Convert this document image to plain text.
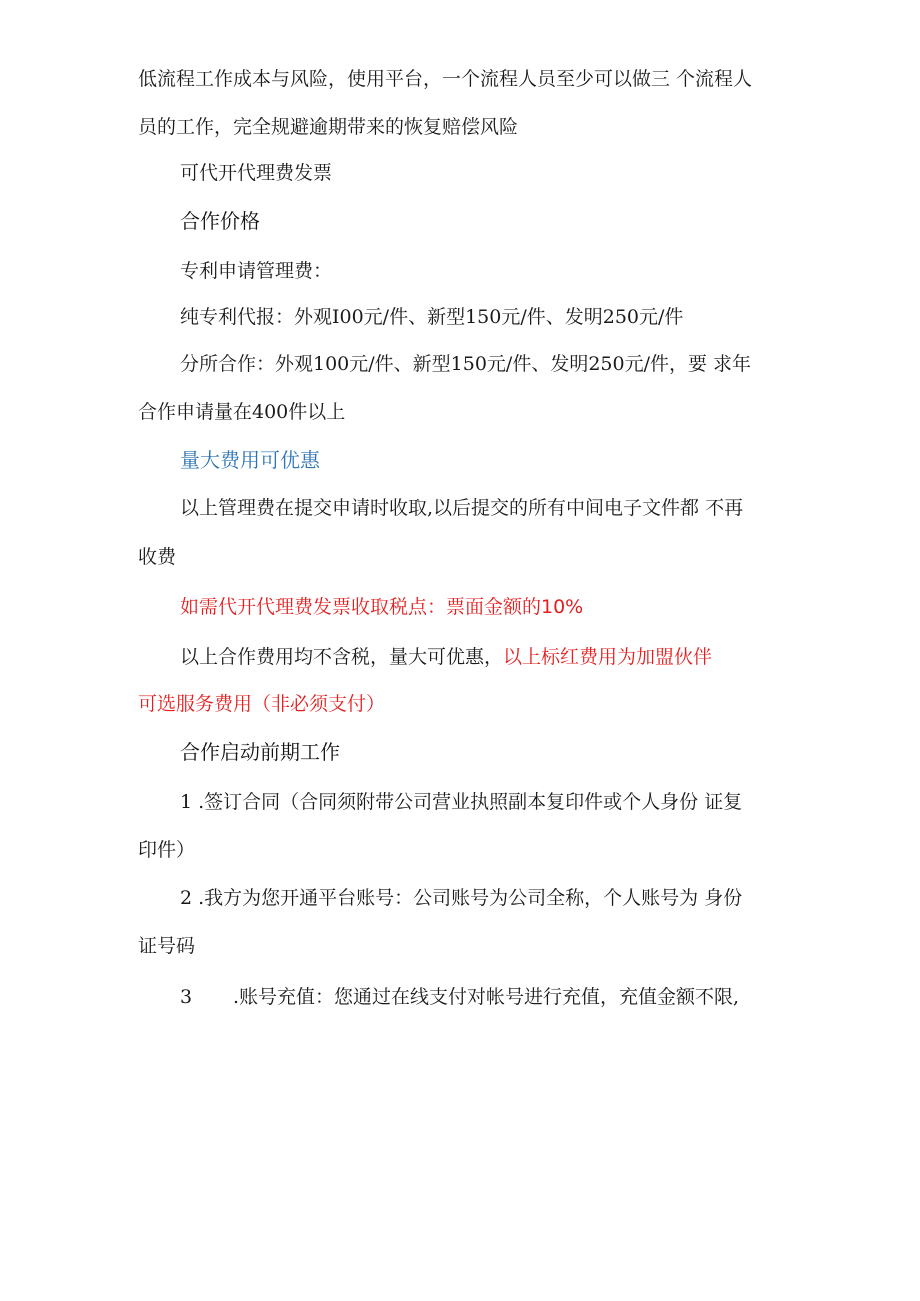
低流程工作成本与风险，使用平台，一个流程人员至少可以做三 个流程人
员的工作，完全规避逾期带来的恢复赔偿风险
可代开代理费发票
合作价格
专利申请管理费：
纯专利代报：外观I00元/件、新型150元/件、发明250元/件
分所合作：外观100元/件、新型150元/件、发明250元/件，要 求年
合作申请量在400件以上
量大费用可优惠
以上管理费在提交申请时收取,以后提交的所有中间电子文件都 不再
收费
如需代开代理费发票收取税点：票面金额的10%
以上合作费用均不含税，量大可优惠，以上标红费用为加盟伙伴
可选服务费用（非必须支付）
合作启动前期工作
1 .签订合同（合同须附带公司营业执照副本复印件或个人身份 证复
印件）
2 .我方为您开通平台账号：公司账号为公司全称，个人账号为 身份
证号码
3 .账号充值：您通过在线支付对帐号进行充值，充值金额不限,
